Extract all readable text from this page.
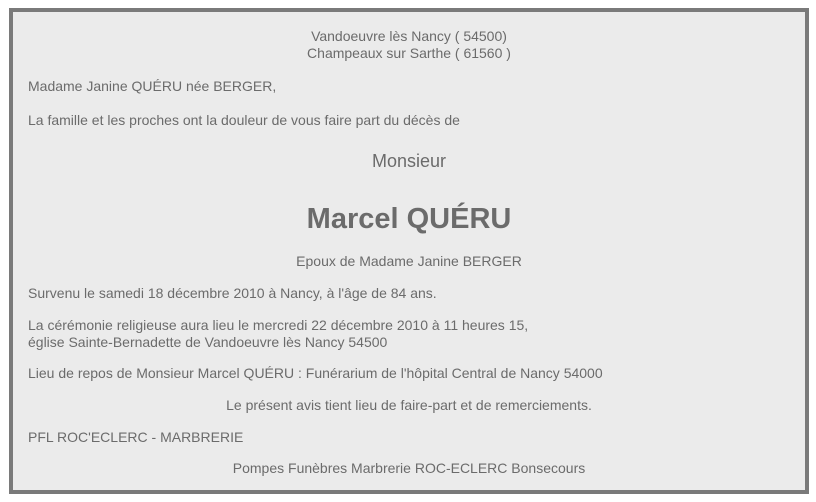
Vandoeuvre lès Nancy ( 54500)
Champeaux sur Sarthe ( 61560 )
Madame Janine QUÉRU née BERGER,
La famille et les proches ont la douleur de vous faire part du décès de
Monsieur
Marcel QUÉRU
Epoux de Madame Janine BERGER
Survenu le samedi 18 décembre 2010 à Nancy, à l'âge de 84 ans.
La cérémonie religieuse aura lieu le mercredi 22 décembre 2010 à 11 heures 15,
église Sainte-Bernadette de Vandoeuvre lès Nancy 54500
Lieu de repos de Monsieur Marcel QUÉRU : Funérarium de l'hôpital Central de Nancy 54000
Le présent avis tient lieu de faire-part et de remerciements.
PFL ROC'ECLERC - MARBRERIE
Pompes Funèbres Marbrerie ROC-ECLERC Bonsecours
